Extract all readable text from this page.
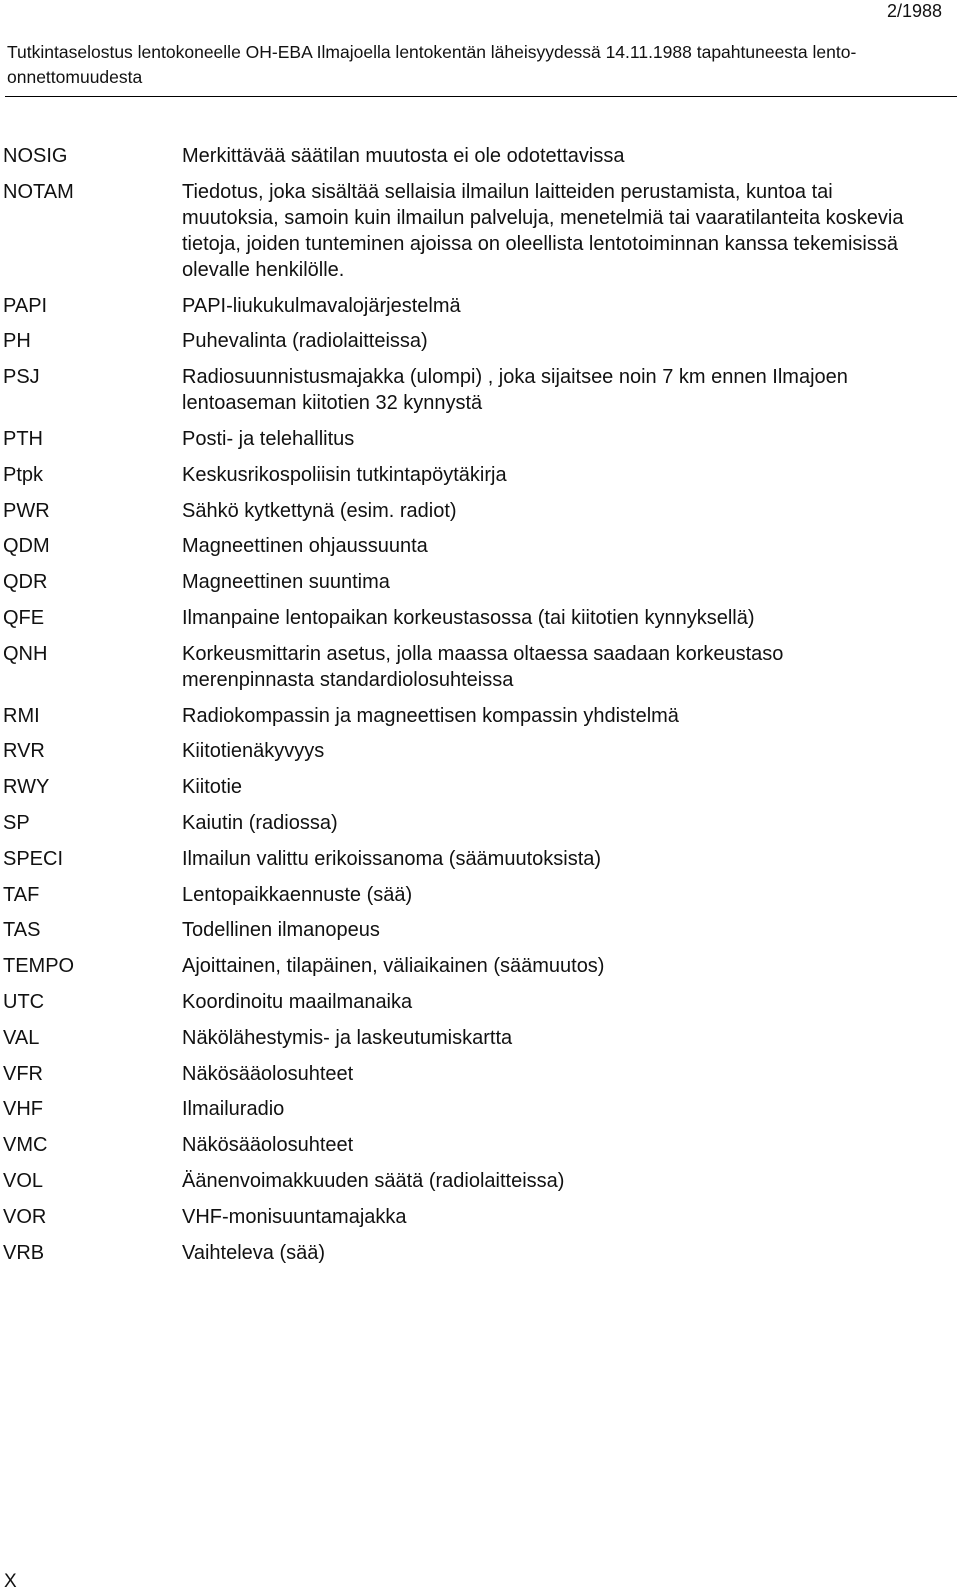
2/1988
Tutkintaselostus lentokoneelle OH-EBA Ilmajoella lentokentän läheisyydessä 14.11.1988 tapahtuneesta lento-onnettomuudesta
NOSIG	Merkittävää säätilan muutosta ei ole odotettavissa
NOTAM	Tiedotus, joka sisältää sellaisia ilmailun laitteiden perustamista, kuntoa tai muutoksia, samoin kuin ilmailun palveluja, menetelmiä tai vaaratilanteita koskevia tietoja, joiden tunteminen ajoissa on oleellista lentotoiminnan kanssa tekemisissä olevalle henkilölle.
PAPI	PAPI-liukukulmavalojärjestelmä
PH	Puhevalinta (radiolaitteissa)
PSJ	Radiosuunnistusmajakka (ulompi) , joka sijaitsee noin 7 km ennen Ilmajoen lentoaseman kiitotien 32 kynnystä
PTH	Posti- ja telehallitus
Ptpk	Keskusrikospoliisin tutkintapöytäkirja
PWR	Sähkö kytkettynä (esim. radiot)
QDM	Magneettinen ohjaussuunta
QDR	Magneettinen suuntima
QFE	Ilmanpaine lentopaikan korkeustasossa (tai kiitotien kynnyksellä)
QNH	Korkeusmittarin asetus, jolla maassa oltaessa saadaan korkeustaso merenpinnasta standardiolosuhteissa
RMI	Radiokompassin ja magneettisen kompassin yhdistelmä
RVR	Kiitotienäkyvyys
RWY	Kiitotie
SP	Kaiutin (radiossa)
SPECI	Ilmailun valittu erikoissanoma (säämuutoksista)
TAF	Lentopaikkaennuste (sää)
TAS	Todellinen ilmanopeus
TEMPO	Ajoittainen, tilapäinen, väliaikainen (säämuutos)
UTC	Koordinoitu maailmanaika
VAL	Näkölähestymis- ja laskeutumiskartta
VFR	Näkösääolosuhteet
VHF	Ilmailuradio
VMC	Näkösääolosuhteet
VOL	Äänenvoimakkuuden säätä (radiolaitteissa)
VOR	VHF-monisuuntamajakka
VRB	Vaihteleva (sää)
X
